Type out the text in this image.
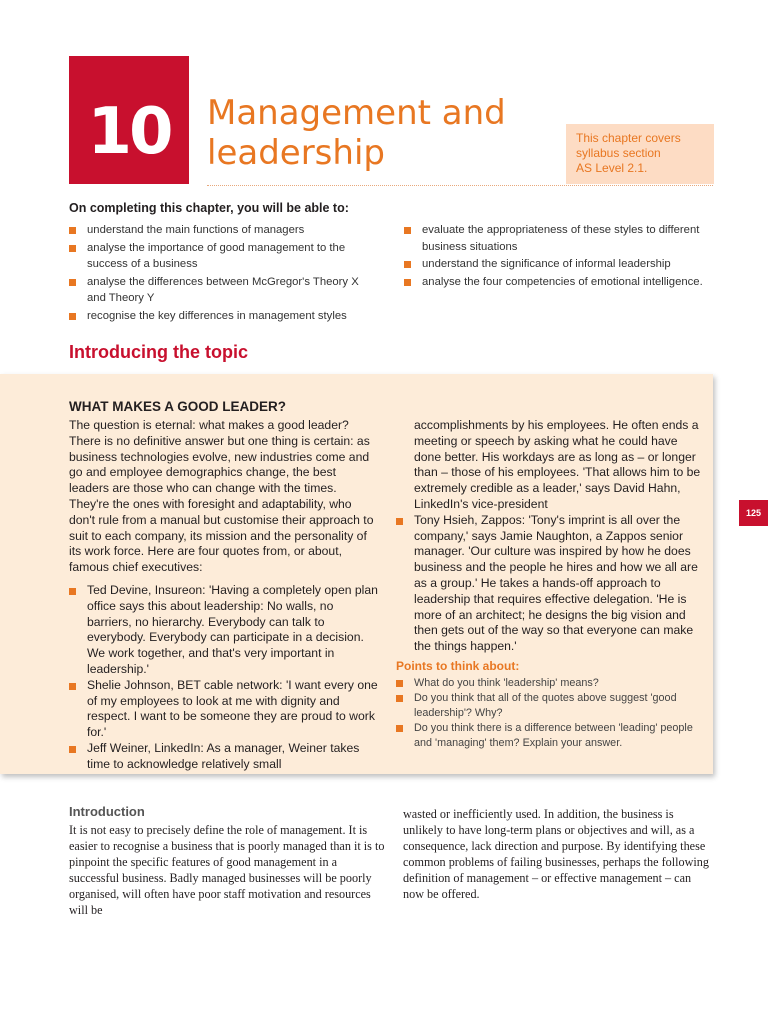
10	Management and
leadership	This chapter covers
syllabus section
AS Level 2.1.
On completing this chapter, you will be able to:
understand the main functions of managers
analyse the importance of good management to the success of a business
analyse the differences between McGregor's Theory X and Theory Y
recognise the key differences in management styles
evaluate the appropriateness of these styles to different business situations
understand the significance of informal leadership
analyse the four competencies of emotional intelligence.
Introducing the topic
WHAT MAKES A GOOD LEADER?

The question is eternal: what makes a good leader? There is no definitive answer but one thing is certain: as business technologies evolve, new industries come and go and employee demographics change, the best leaders are those who can change with the times. They're the ones with foresight and adaptability, who don't rule from a manual but customise their approach to suit to each company, its mission and the personality of its work force. Here are four quotes from, or about, famous chief executives:

Ted Devine, Insureon: 'Having a completely open plan office says this about leadership: No walls, no barriers, no hierarchy. Everybody can talk to everybody. Everybody can participate in a decision. We work together, and that's very important in leadership.'
Shelie Johnson, BET cable network: 'I want every one of my employees to look at me with dignity and respect. I want to be someone they are proud to work for.'
Jeff Weiner, LinkedIn: As a manager, Weiner takes time to acknowledge relatively small

accomplishments by his employees. He often ends a meeting or speech by asking what he could have done better. His workdays are as long as – or longer than – those of his employees. 'That allows him to be extremely credible as a leader,' says David Hahn, LinkedIn's vice-president

Tony Hsieh, Zappos: 'Tony's imprint is all over the company,' says Jamie Naughton, a Zappos senior manager. 'Our culture was inspired by how he does business and the people he hires and how we all are as a group.' He takes a hands-off approach to leadership that requires effective delegation. 'He is more of an architect; he designs the big vision and then gets out of the way so that everyone can make the things happen.'
Points to think about:
What do you think 'leadership' means?
Do you think that all of the quotes above suggest 'good leadership'? Why?
Do you think there is a difference between 'leading' people and 'managing' them? Explain your answer.
125
Introduction

It is not easy to precisely define the role of management. It is easier to recognise a business that is poorly managed than it is to pinpoint the specific features of good management in a successful business. Badly managed businesses will be poorly organised, will often have poor staff motivation and resources will be

wasted or inefficiently used. In addition, the business is unlikely to have long-term plans or objectives and will, as a consequence, lack direction and purpose. By identifying these common problems of failing businesses, perhaps the following definition of management – or effective management – can now be offered.
